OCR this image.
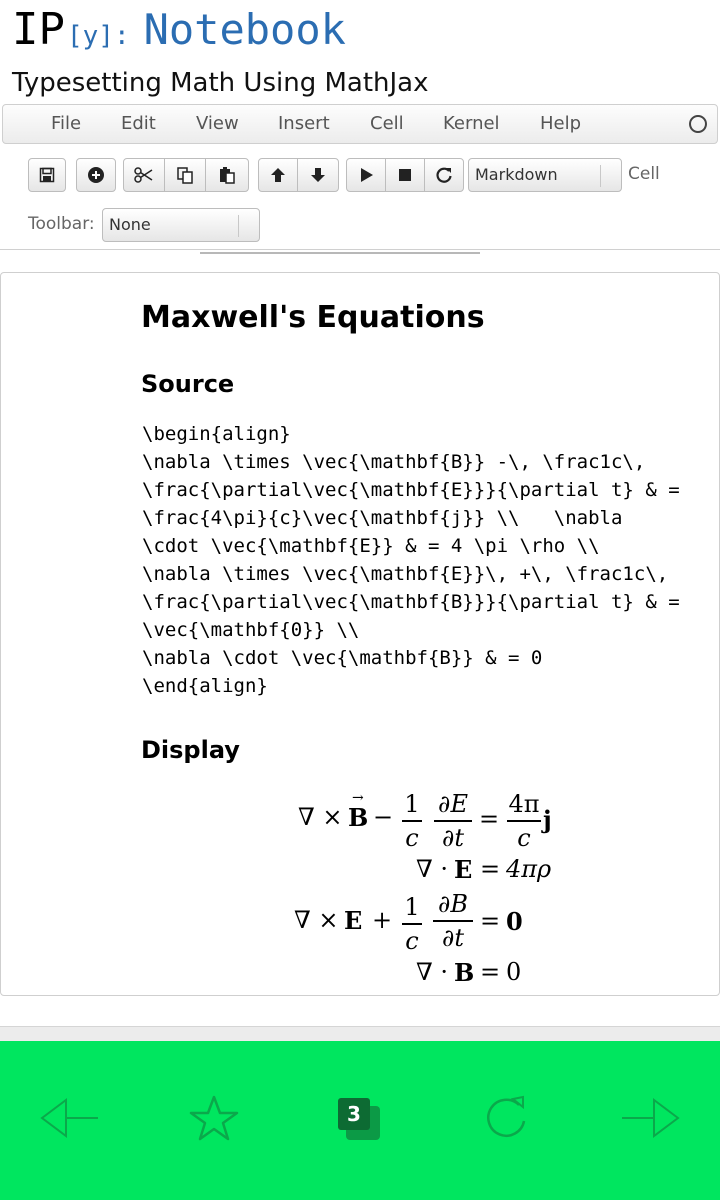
IP [y]: Notebook
Typesetting Math Using MathJax
File Edit View Insert Cell Kernel Help
Markdown	Cell
Toolbar: None
Maxwell's Equations
Source
\begin{align}
\nabla \times \vec{\mathbf{B}} -\, \frac1c\,
\frac{\partial\vec{\mathbf{E}}}{\partial t} & =
\frac{4\pi}{c}\vec{\mathbf{j}} \\   \nabla
\cdot \vec{\mathbf{E}} & = 4 \pi \rho \\
\nabla \times \vec{\mathbf{E}}\, +\, \frac1c\,
\frac{\partial\vec{\mathbf{B}}}{\partial t} & =
\vec{\mathbf{0}} \\
\nabla \cdot \vec{\mathbf{B}} & = 0
\end{align}
Display
∇ × B
→
− 1
c
∂E
∂t
=
4π
c
j
∇ · E = 4πρ
∇ × E + 1
c
∂B
∂t
= 0
∇ · B = 0
3
